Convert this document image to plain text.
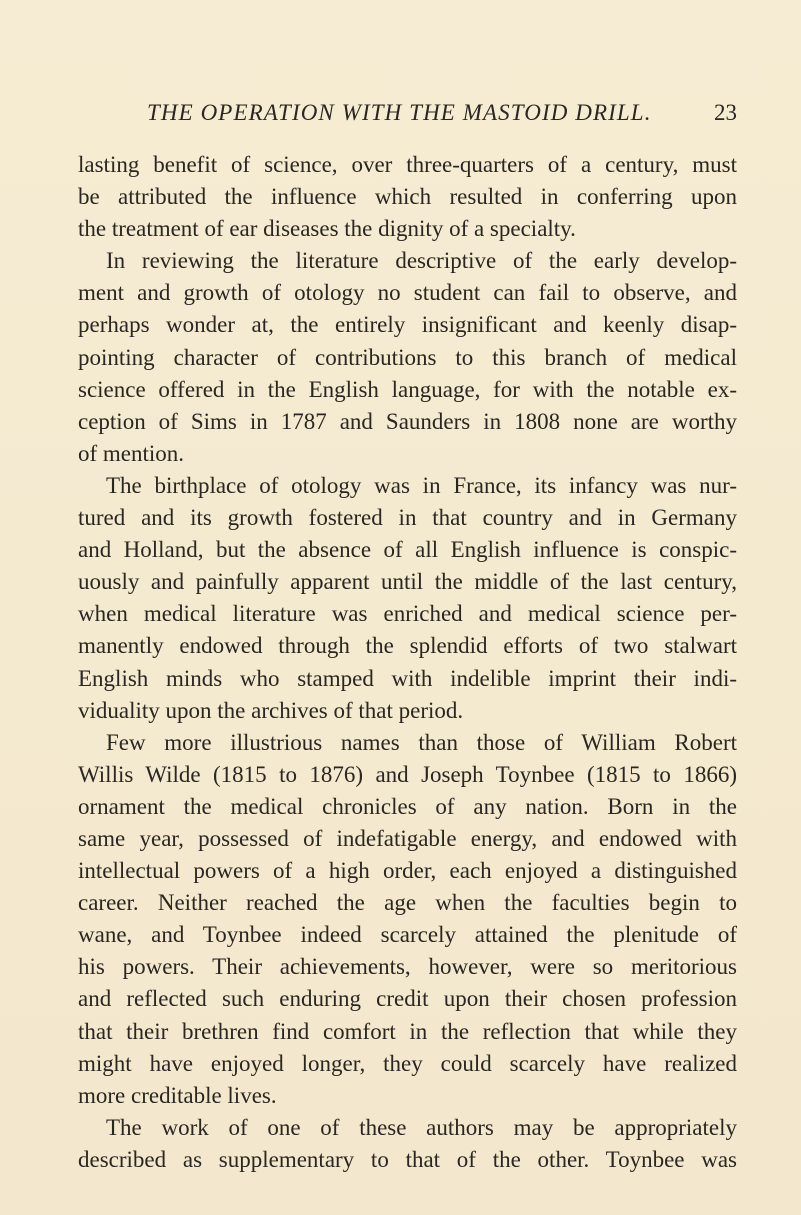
THE OPERATION WITH THE MASTOID DRILL.	23
lasting benefit of science, over three-quarters of a century, must
be attributed the influence which resulted in conferring upon
the treatment of ear diseases the dignity of a specialty.
In reviewing the literature descriptive of the early develop-
ment and growth of otology no student can fail to observe, and
perhaps wonder at, the entirely insignificant and keenly disap-
pointing character of contributions to this branch of medical
science offered in the English language, for with the notable ex-
ception of Sims in 1787 and Saunders in 1808 none are worthy
of mention.
The birthplace of otology was in France, its infancy was nur-
tured and its growth fostered in that country and in Germany
and Holland, but the absence of all English influence is conspic-
uously and painfully apparent until the middle of the last century,
when medical literature was enriched and medical science per-
manently endowed through the splendid efforts of two stalwart
English minds who stamped with indelible imprint their indi-
viduality upon the archives of that period.
Few more illustrious names than those of William Robert
Willis Wilde (1815 to 1876) and Joseph Toynbee (1815 to 1866)
ornament the medical chronicles of any nation. Born in the
same year, possessed of indefatigable energy, and endowed with
intellectual powers of a high order, each enjoyed a distinguished
career. Neither reached the age when the faculties begin to
wane, and Toynbee indeed scarcely attained the plenitude of
his powers. Their achievements, however, were so meritorious
and reflected such enduring credit upon their chosen profession
that their brethren find comfort in the reflection that while they
might have enjoyed longer, they could scarcely have realized
more creditable lives.
The work of one of these authors may be appropriately
described as supplementary to that of the other. Toynbee was
